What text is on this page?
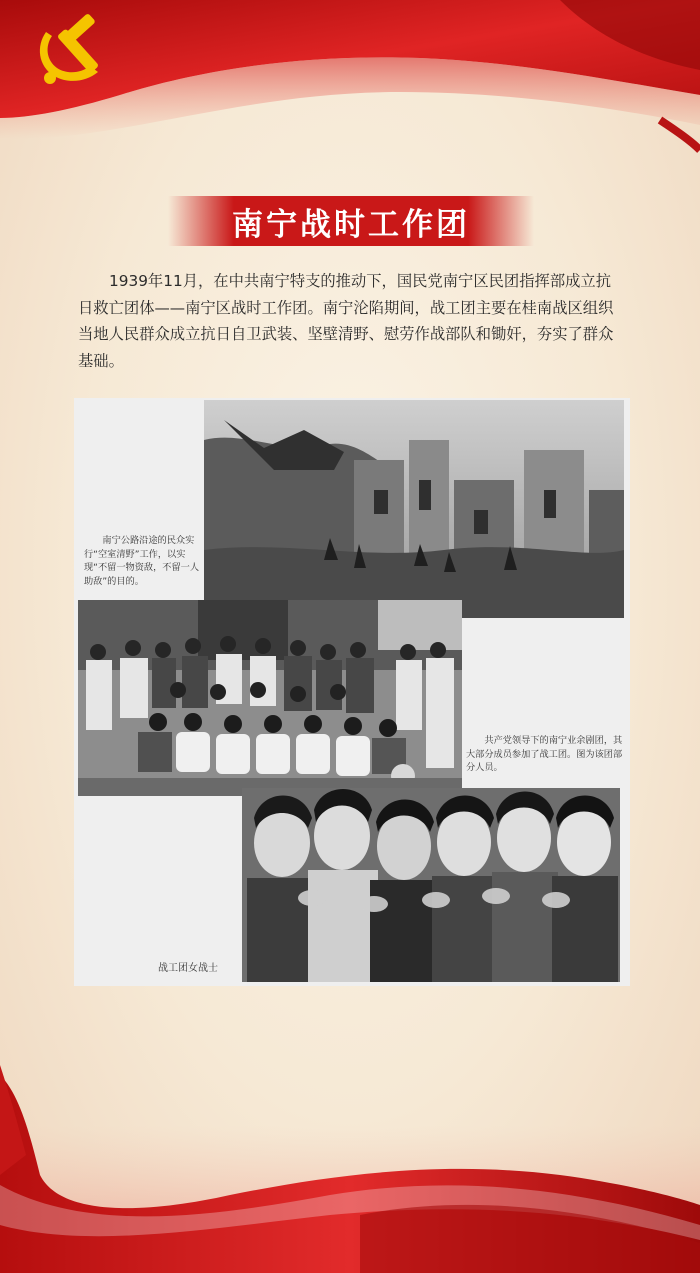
南宁战时工作团
1939年11月，在中共南宁特支的推动下，国民党南宁区民团指挥部成立抗日救亡团体——南宁区战时工作团。南宁沦陷期间，战工团主要在桂南战区组织当地人民群众成立抗日自卫武装、坚壁清野、慰劳作战部队和锄奸，夯实了群众基础。
南宁公路沿途的民众实行“空室清野”工作，以实现“不留一物资敌，不留一人助敌”的目的。
共产党领导下的南宁业余剧团，其大部分成员参加了战工团。图为该团部分人员。
战工团女战士
